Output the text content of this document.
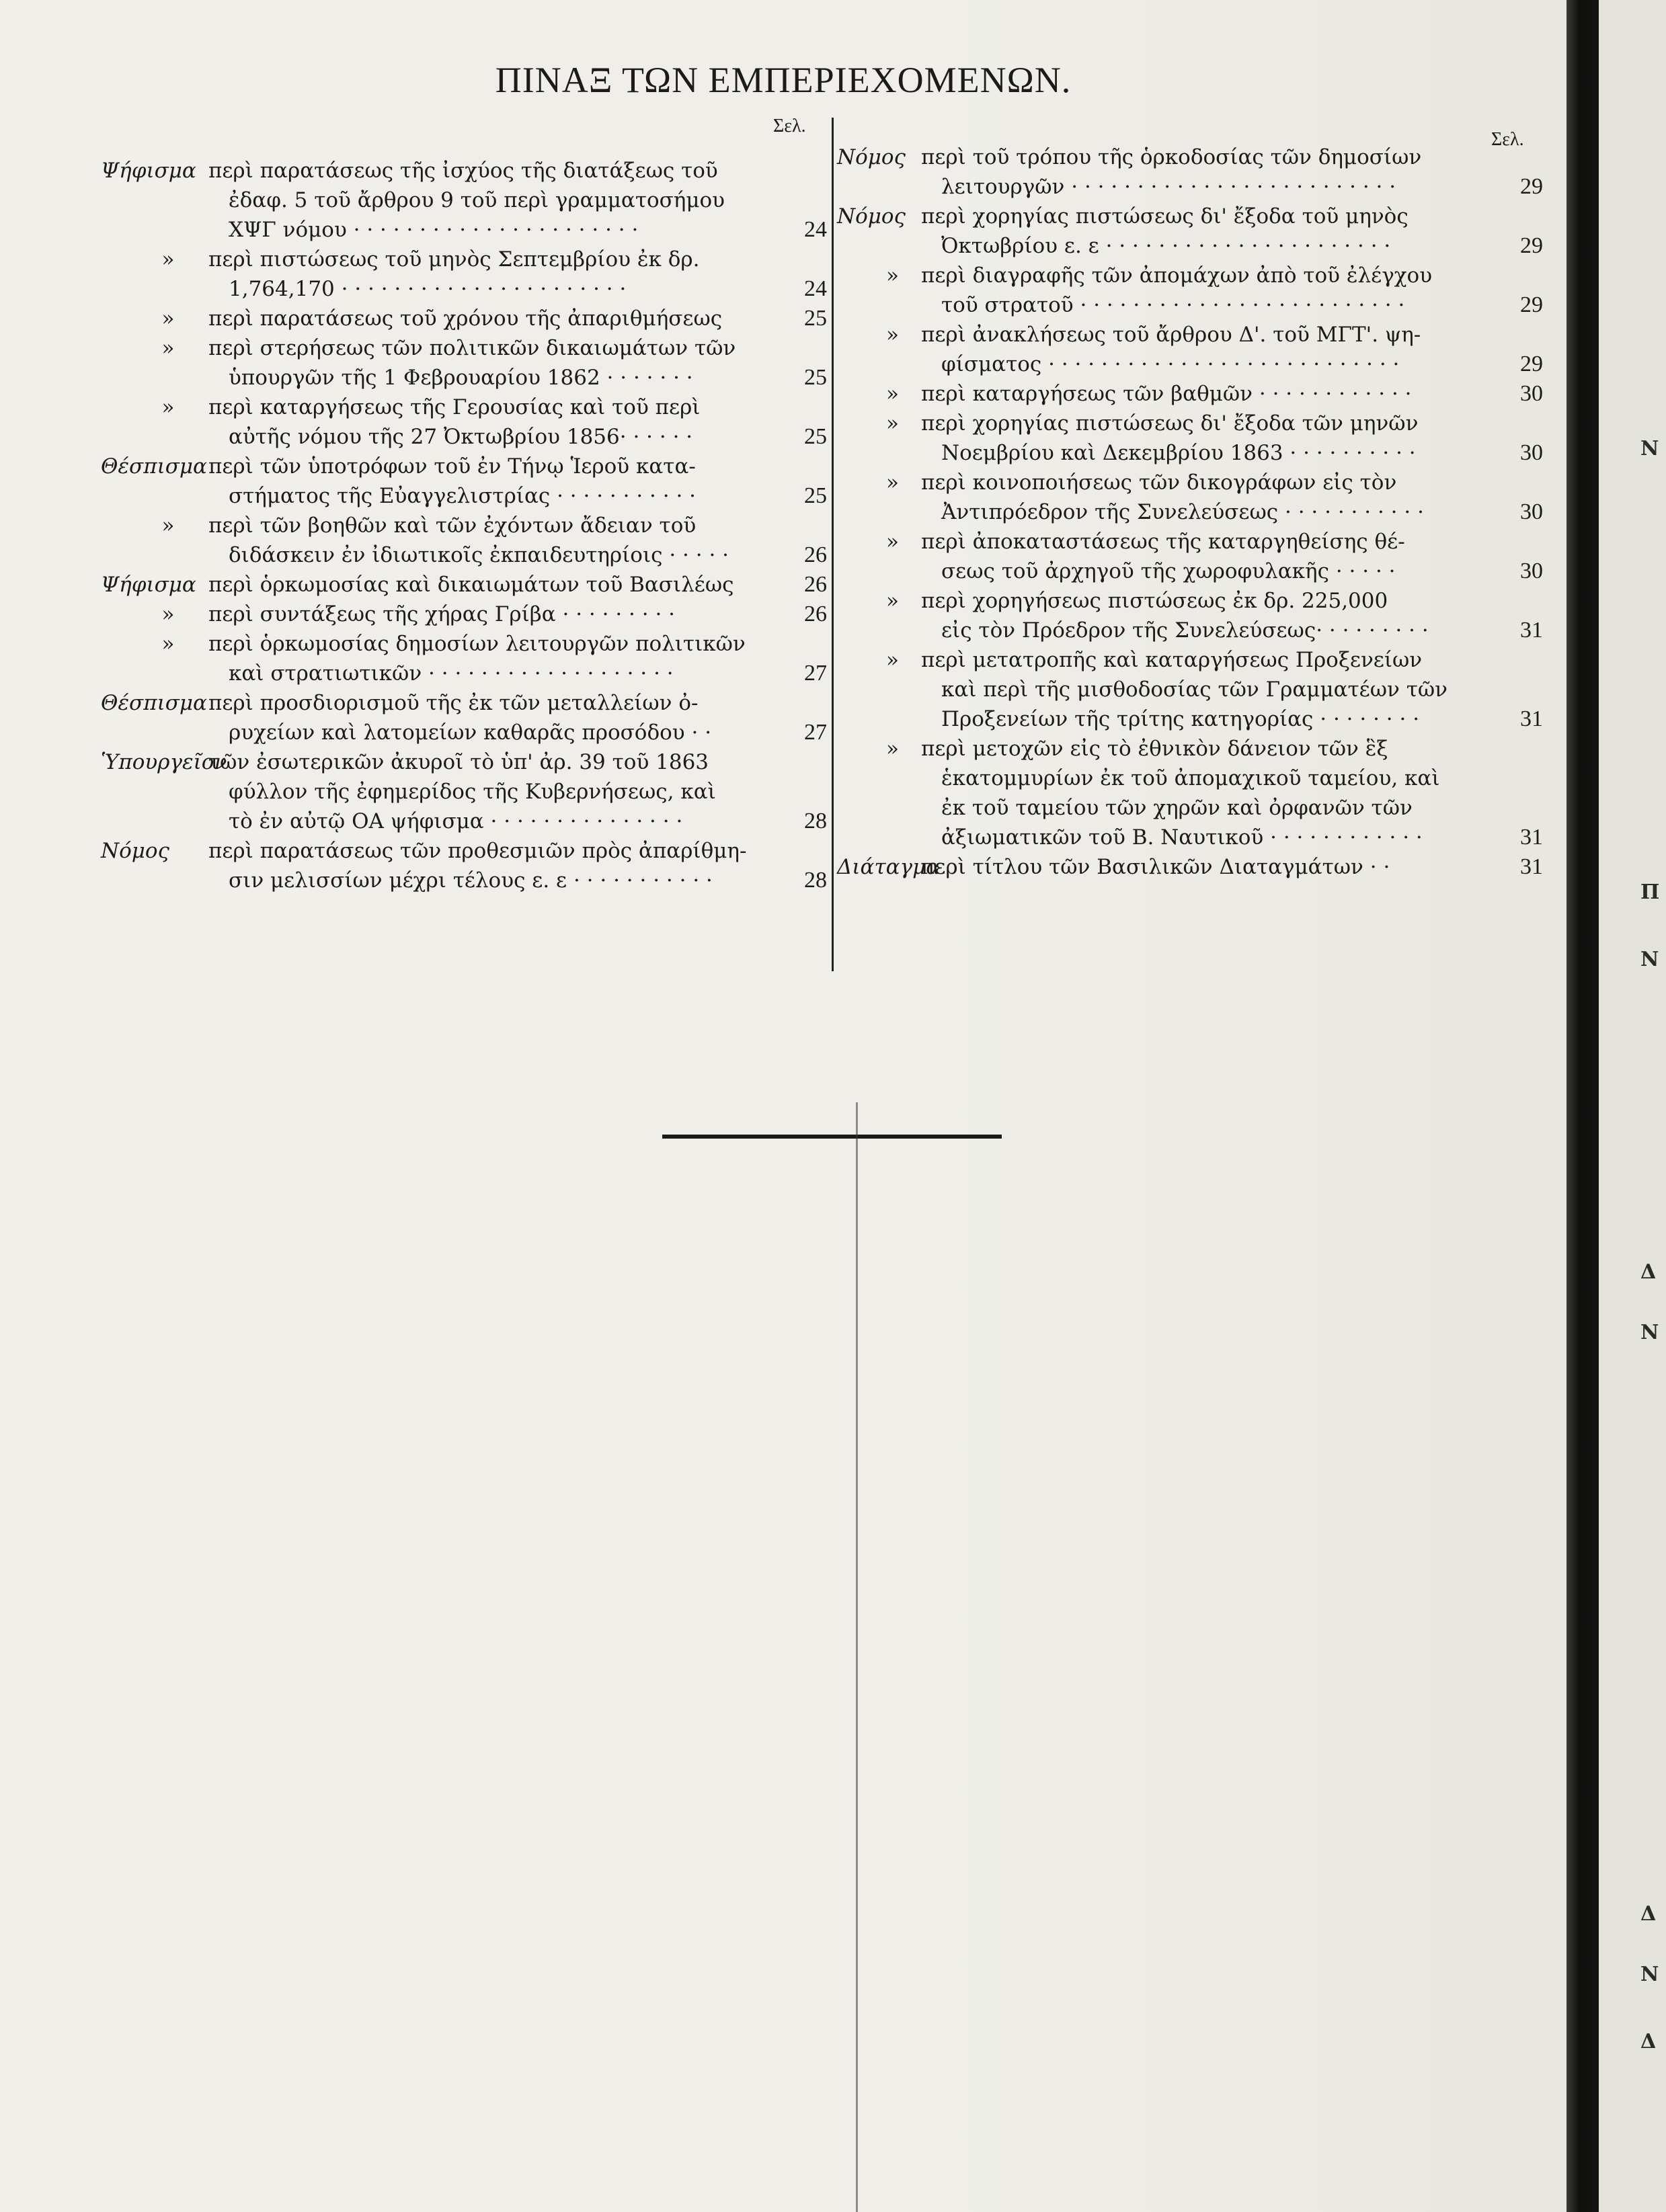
ΠΙΝΑΞ ΤΩΝ ΕΜΠΕΡΙΕΧΟΜΕΝΩΝ.
Σελ.
Σελ.
Ψήφισμα περὶ παρατάσεως τῆς ἰσχύος τῆς διατάξεως τοῦ
ἐδαφ. 5 τοῦ ἄρθρου 9 τοῦ περὶ γραμματοσήμου
ΧΨΓ νόμου · · · · · · · · · · · · · · · · · · · · · ·	24
»	περὶ πιστώσεως τοῦ μηνὸς Σεπτεμβρίου ἐκ δρ.
1,764,170 · · · · · · · · · · · · · · · · · · · · · ·	24
»	περὶ παρατάσεως τοῦ χρόνου τῆς ἀπαριθμήσεως	25
»	περὶ στερήσεως τῶν πολιτικῶν δικαιωμάτων τῶν
ὑπουργῶν τῆς 1 Φεβρουαρίου 1862 · · · · · · ·	25
»	περὶ καταργήσεως τῆς Γερουσίας καὶ τοῦ περὶ
αὐτῆς νόμου τῆς 27 Ὀκτωβρίου 1856· · · · · ·	25
Θέσπισμα περὶ τῶν ὑποτρόφων τοῦ ἐν Τήνῳ Ἱεροῦ κατα-
στήματος τῆς Εὐαγγελιστρίας · · · · · · · · · · ·	25
»	περὶ τῶν βοηθῶν καὶ τῶν ἐχόντων ἄδειαν τοῦ
διδάσκειν ἐν ἰδιωτικοῖς ἐκπαιδευτηρίοις · · · · ·	26
Ψήφισμα περὶ ὁρκωμοσίας καὶ δικαιωμάτων τοῦ Βασιλέως	26
»	περὶ συντάξεως τῆς χήρας Γρίβα · · · · · · · · ·	26
»	περὶ ὁρκωμοσίας δημοσίων λειτουργῶν πολιτικῶν
καὶ στρατιωτικῶν · · · · · · · · · · · · · · · · · · ·	27
Θέσπισμα περὶ προσδιορισμοῦ τῆς ἐκ τῶν μεταλλείων ὀ-
ρυχείων καὶ λατομείων καθαρᾶς προσόδου · ·	27
Ὑπουργεῖον
τῶν ἐσωτερικῶν ἀκυροῖ τὸ ὑπ' ἀρ. 39 τοῦ 1863
φύλλον τῆς ἐφημερίδος τῆς Κυβερνήσεως, καὶ
τὸ ἐν αὐτῷ ΟΑ ψήφισμα · · · · · · · · · · · · · · ·	28
Νόμος	περὶ παρατάσεως τῶν προθεσμιῶν πρὸς ἀπαρίθμη-
σιν μελισσίων μέχρι τέλους ε. ε · · · · · · · · · · ·	28
Νόμος περὶ τοῦ τρόπου τῆς ὁρκοδοσίας τῶν δημοσίων
λειτουργῶν · · · · · · · · · · · · · · · · · · · · · · · · ·	29
Νόμος περὶ χορηγίας πιστώσεως δι' ἔξοδα τοῦ μηνὸς
Ὀκτωβρίου ε. ε · · · · · · · · · · · · · · · · · · · · · ·	29
»	περὶ διαγραφῆς τῶν ἀπομάχων ἀπὸ τοῦ ἐλέγχου
τοῦ στρατοῦ · · · · · · · · · · · · · · · · · · · · · · · · ·	29
»	περὶ ἀνακλήσεως τοῦ ἄρθρου Δ'. τοῦ ΜΓΤ'. ψη-
φίσματος · · · · · · · · · · · · · · · · · · · · · · · · · · ·	29
»	περὶ καταργήσεως τῶν βαθμῶν · · · · · · · · · · · ·	30
»	περὶ χορηγίας πιστώσεως δι' ἔξοδα τῶν μηνῶν
Νοεμβρίου καὶ Δεκεμβρίου 1863 · · · · · · · · · ·	30
»	περὶ κοινοποιήσεως τῶν δικογράφων εἰς τὸν
Ἀντιπρόεδρον τῆς Συνελεύσεως · · · · · · · · · · ·	30
»	περὶ ἀποκαταστάσεως τῆς καταργηθείσης θέ-
σεως τοῦ ἀρχηγοῦ τῆς χωροφυλακῆς · · · · ·	30
»	περὶ χορηγήσεως πιστώσεως ἐκ δρ. 225,000
εἰς τὸν Πρόεδρον τῆς Συνελεύσεως· · · · · · · · ·	31
»	περὶ μετατροπῆς καὶ καταργήσεως Προξενείων
καὶ περὶ τῆς μισθοδοσίας τῶν Γραμματέων τῶν
Προξενείων τῆς τρίτης κατηγορίας · · · · · · · ·	31
»	περὶ μετοχῶν εἰς τὸ ἐθνικὸν δάνειον τῶν ἓξ
ἑκατομμυρίων ἐκ τοῦ ἀπομαχικοῦ ταμείου, καὶ
ἐκ τοῦ ταμείου τῶν χηρῶν καὶ ὀρφανῶν τῶν
ἀξιωματικῶν τοῦ Β. Ναυτικοῦ · · · · · · · · · · · ·	31
Διάταγμα
περὶ τίτλου τῶν Βασιλικῶν Διαταγμάτων · ·	31
N
Π
N
Δ
N
Δ
N
Δ
